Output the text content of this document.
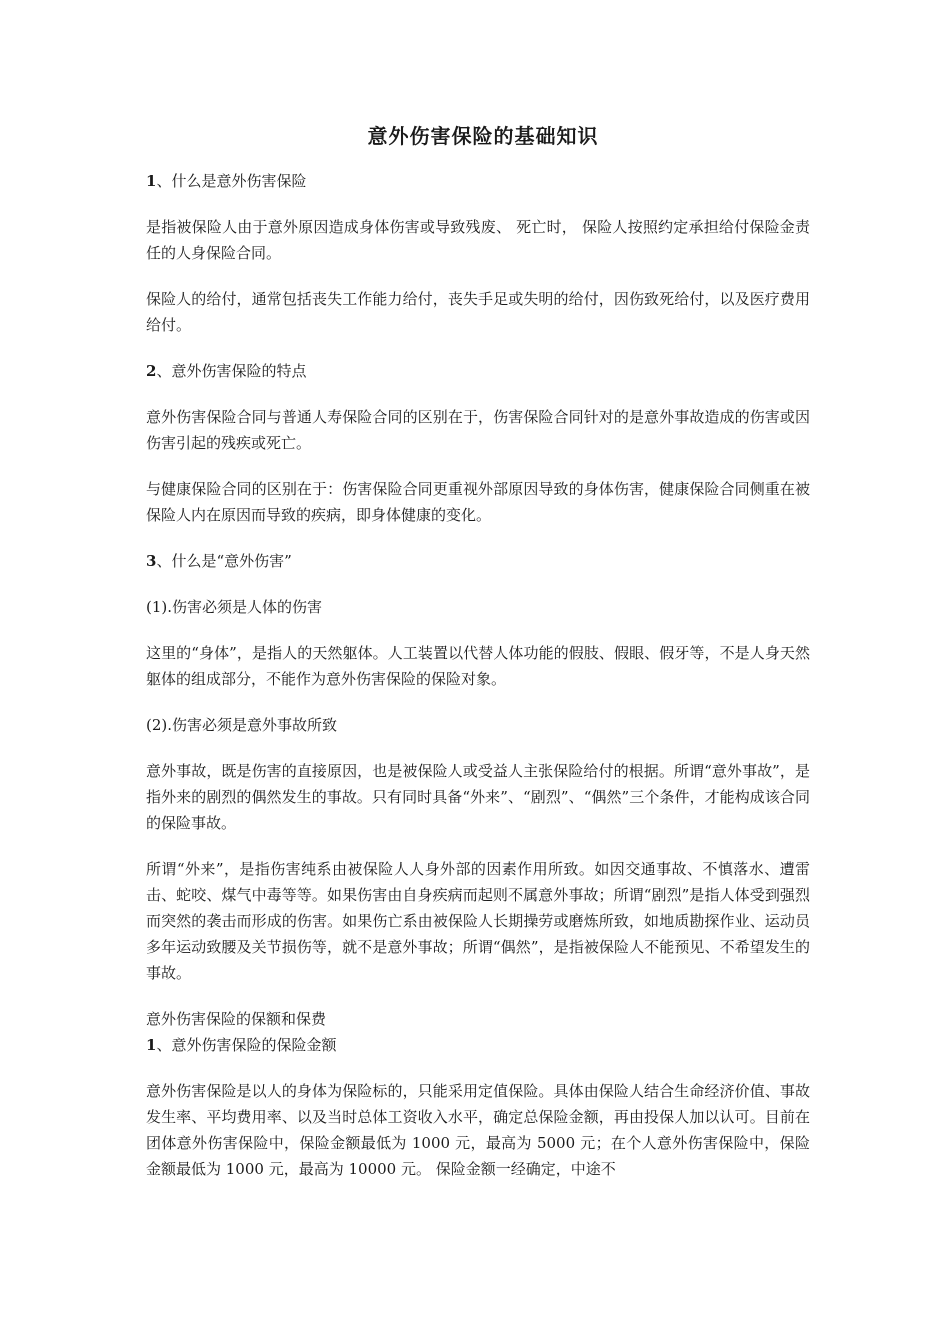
意外伤害保险的基础知识
1、什么是意外伤害保险

是指被保险人由于意外原因造成身体伤害或导致残废、 死亡时， 保险人按照约定承担给付保险金责任的人身保险合同。

保险人的给付，通常包括丧失工作能力给付，丧失手足或失明的给付，因伤致死给付，以及医疗费用给付。

2、意外伤害保险的特点

意外伤害保险合同与普通人寿保险合同的区别在于，伤害保险合同针对的是意外事故造成的伤害或因伤害引起的残疾或死亡。

与健康保险合同的区别在于：伤害保险合同更重视外部原因导致的身体伤害，健康保险合同侧重在被保险人内在原因而导致的疾病，即身体健康的变化。

3、什么是“意外伤害”

(1).伤害必须是人体的伤害

这里的“身体”，是指人的天然躯体。人工装置以代替人体功能的假肢、假眼、假牙等，不是人身天然躯体的组成部分，不能作为意外伤害保险的保险对象。

(2).伤害必须是意外事故所致

意外事故，既是伤害的直接原因，也是被保险人或受益人主张保险给付的根据。所谓“意外事故”，是指外来的剧烈的偶然发生的事故。只有同时具备“外来”、“剧烈”、“偶然”三个条件，才能构成该合同的保险事故。

所谓“外来”，是指伤害纯系由被保险人人身外部的因素作用所致。如因交通事故、不慎落水、遭雷击、蛇咬、煤气中毒等等。如果伤害由自身疾病而起则不属意外事故；所谓“剧烈”是指人体受到强烈而突然的袭击而形成的伤害。如果伤亡系由被保险人长期操劳或磨炼所致，如地质勘探作业、运动员多年运动致腰及关节损伤等，就不是意外事故；所谓“偶然”，是指被保险人不能预见、不希望发生的事故。

意外伤害保险的保额和保费
1、意外伤害保险的保险金额

意外伤害保险是以人的身体为保险标的，只能采用定值保险。具体由保险人结合生命经济价值、事故发生率、平均费用率、以及当时总体工资收入水平，确定总保险金额，再由投保人加以认可。目前在团体意外伤害保险中，保险金额最低为 1000 元，最高为 5000 元；在个人意外伤害保险中，保险金额最低为 1000 元，最高为 10000 元。 保险金额一经确定，中途不
